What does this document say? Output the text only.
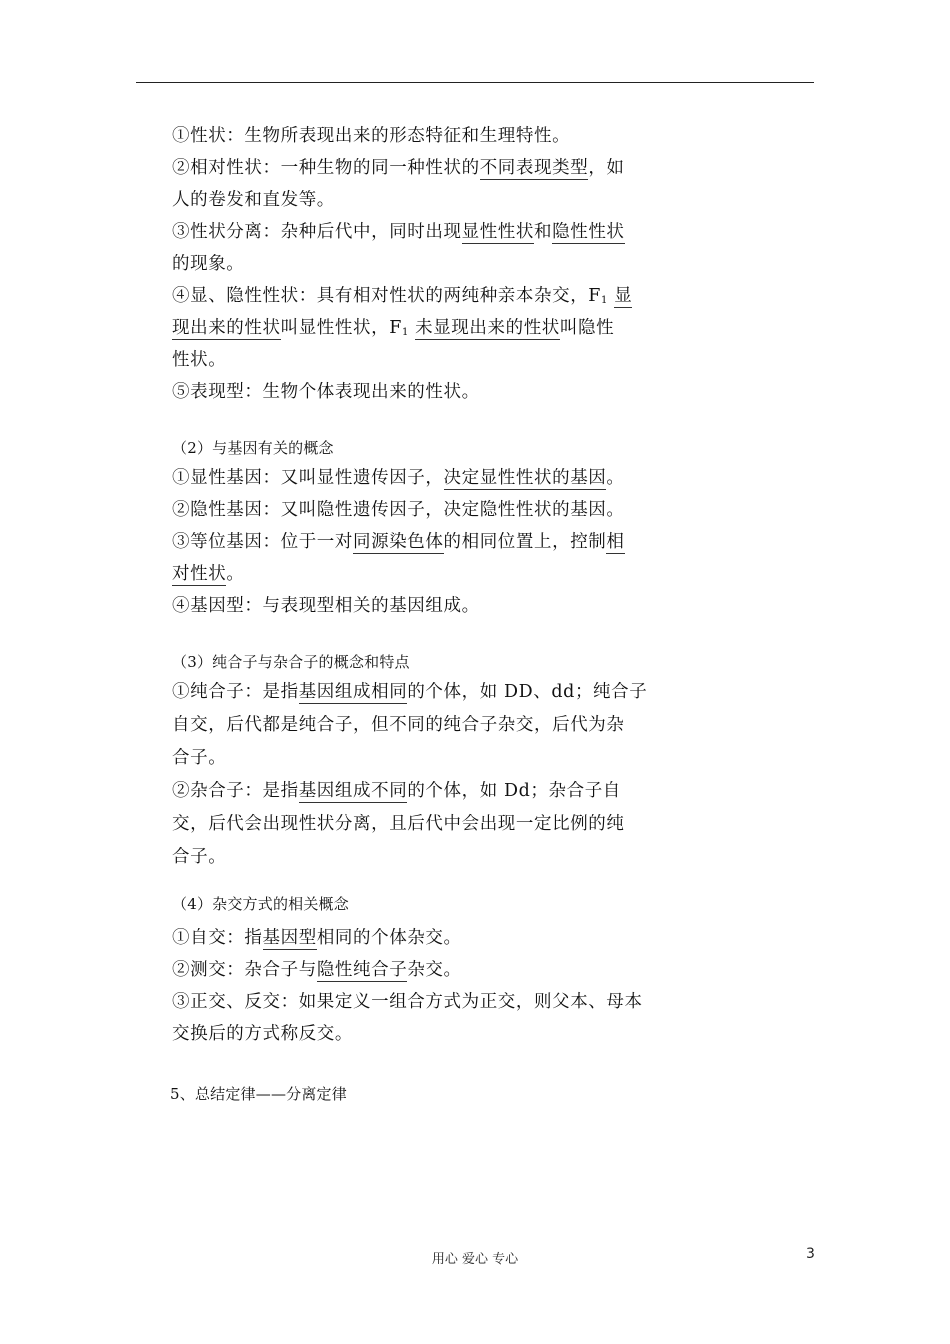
①性状：生物所表现出来的形态特征和生理特性。
②相对性状：一种生物的同一种性状的不同表现类型，如
人的卷发和直发等。
③性状分离：杂种后代中，同时出现显性性状和隐性性状
的现象。
④显、隐性性状：具有相对性状的两纯种亲本杂交，$F_1$ 显
现出来的性状叫显性性状，$F_1$ 未显现出来的性状叫隐性
性状。
⑤表现型：生物个体表现出来的性状。
（2）与基因有关的概念
①显性基因：又叫显性遗传因子，决定显性性状的基因。
②隐性基因：又叫隐性遗传因子，决定隐性性状的基因。
③等位基因：位于一对同源染色体的相同位置上，控制相
对性状。
④基因型：与表现型相关的基因组成。
（3）纯合子与杂合子的概念和特点
①纯合子：是指基因组成相同的个体，如 DD、dd；纯合子
自交，后代都是纯合子，但不同的纯合子杂交，后代为杂
合子。
②杂合子：是指基因组成不同的个体，如 Dd；杂合子自
交，后代会出现性状分离，且后代中会出现一定比例的纯
合子。
（4）杂交方式的相关概念
①自交：指基因型相同的个体杂交。
②测交：杂合子与隐性纯合子杂交。
③正交、反交：如果定义一组合方式为正交，则父本、母本
交换后的方式称反交。
5、总结定律——分离定律
用心 爱心 专心	3
